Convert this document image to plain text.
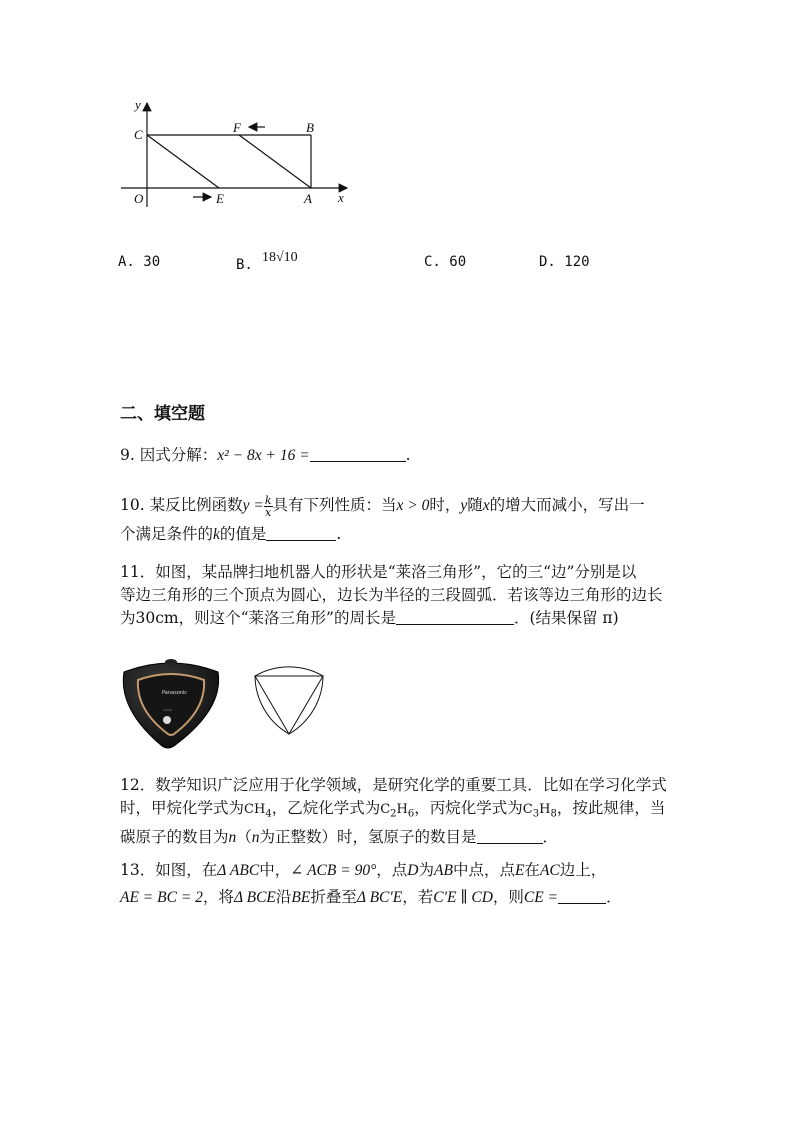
y
C	F	B
O	E	A x
A. 30	B. 18√10	C. 60	D. 120
二、填空题
9. 因式分解：x² − 8x + 16 =	.
10. 某反比例函数$y = \frac{k}{x}$ 具有下列性质：当x > 0时，y随x的增大而减小，写出一
个满足条件的k的值是	.
11．如图，某品牌扫地机器人的形状是“莱洛三角形”，它的三“边”分别是以
等边三角形的三个顶点为圆心，边长为半径的三段圆弧．若该等边三角形的边长
为30cm，则这个“莱洛三角形”的周长是	．(结果保留 π)
Panasonic
12．数学知识广泛应用于化学领域，是研究化学的重要工具．比如在学习化学式
时，甲烷化学式为$CH_4$，乙烷化学式为$C_2H_6$，丙烷化学式为$C_3H_8$，按此规律，当
碳原子的数目为n（n为正整数）时，氢原子的数目是	．
13．如图，在Δ ABC中，∠ ACB = 90°，点D为AB中点，点E在AC边上，
AE = BC = 2，将Δ BCE沿BE折叠至Δ BC′E，若C′E ∥ CD，则CE =	．
